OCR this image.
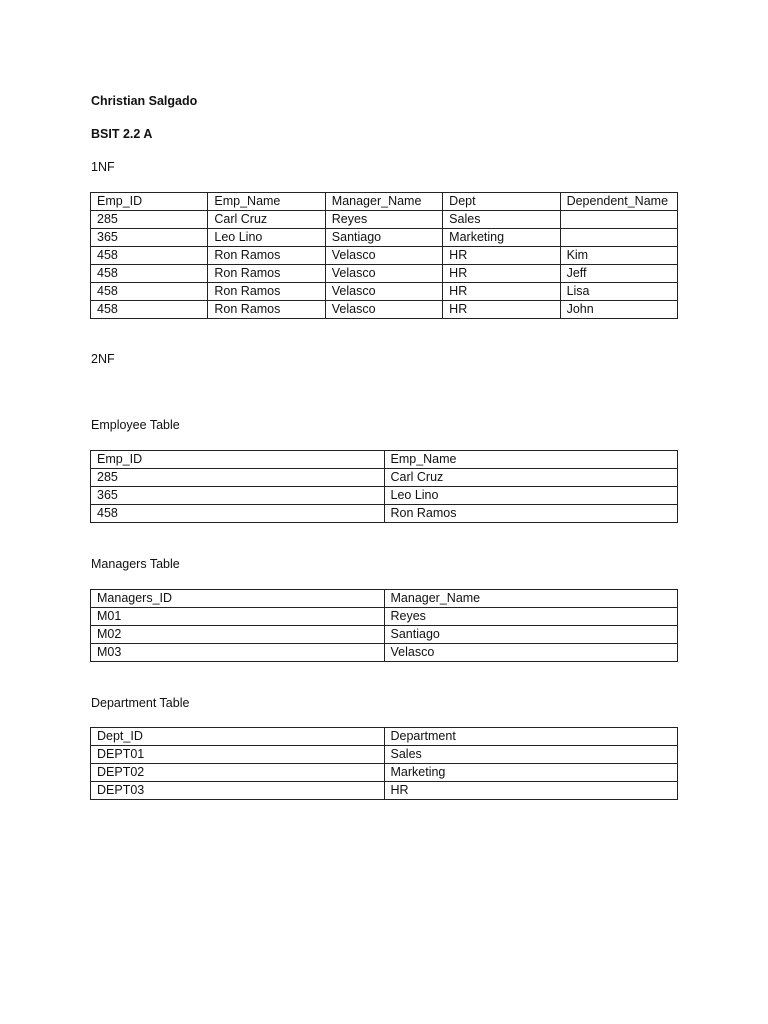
Christian Salgado

BSIT 2.2 A

1NF

Emp_ID	Emp_Name	Manager_Name	Dept	Dependent_Name
285	Carl Cruz	Reyes	Sales	
365	Leo Lino	Santiago	Marketing	
458	Ron Ramos	Velasco	HR	Kim
458	Ron Ramos	Velasco	HR	Jeff
458	Ron Ramos	Velasco	HR	Lisa
458	Ron Ramos	Velasco	HR	John

2NF

Employee Table

Emp_ID	Emp_Name
285	Carl Cruz
365	Leo Lino
458	Ron Ramos

Managers Table

Managers_ID	Manager_Name
M01	Reyes
M02	Santiago
M03	Velasco

Department Table

Dept_ID	Department
DEPT01	Sales
DEPT02	Marketing
DEPT03	HR
